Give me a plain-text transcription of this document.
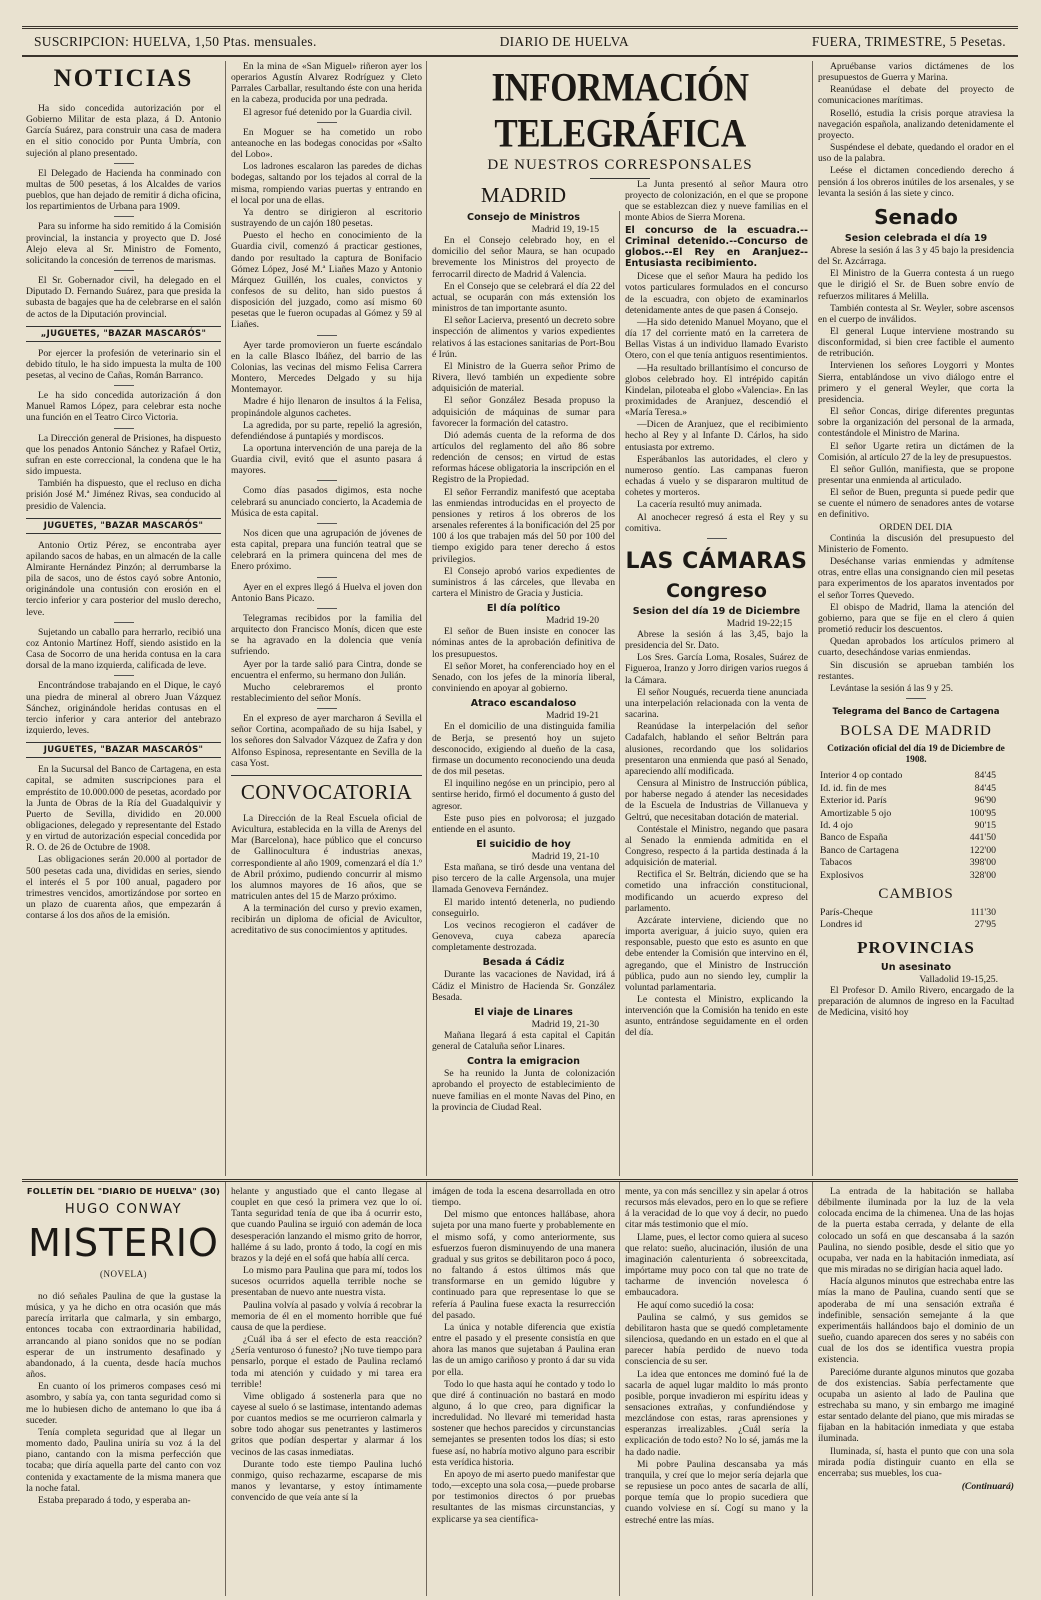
SUSCRIPCION: HUELVA, 1,50 Ptas. mensuales.	DIARIO DE HUELVA	FUERA, TRIMESTRE, 5 Pesetas.
NOTICIAS

Ha sido concedida autorización por el Gobierno Militar de esta plaza, á D. Antonio García Suárez, para construir una casa de madera en el sitio conocido por Punta Umbría, con sujeción al plano presentado.

El Delegado de Hacienda ha conminado con multas de 500 pesetas, á los Alcaldes de varios pueblos, que han dejado de remitir á dicha oficina, los repartimientos de Urbana para 1909.

Para su informe ha sido remitido á la Comisión provincial, la instancia y proyecto que D. José Alejo eleva al Sr. Ministro de Fomento, solicitando la concesión de terrenos de marismas.

El Sr. Gobernador civil, ha delegado en el Diputado D. Fernando Suárez, para que presida la subasta de bagajes que ha de celebrarse en el salón de actos de la Diputación provincial.

„JUGUETES, "BAZAR MASCARÓS"

Por ejercer la profesión de veterinario sin el debido título, le ha sido impuesta la multa de 100 pesetas, al vecino de Cañas, Román Barranco.

Le ha sido concedida autorización á don Manuel Ramos López, para celebrar esta noche una función en el Teatro Circo Victoria.

La Dirección general de Prisiones, ha dispuesto que los penados Antonio Sánchez y Rafael Ortiz, sufran en este correccional, la condena que le ha sido impuesta.

También ha dispuesto, que el recluso en dicha prisión José M.ª Jiménez Rivas, sea conducido al presidio de Valencia.

JUGUETES, "BAZAR MASCARÓS"

Antonio Ortiz Pérez, se encontraba ayer apilando sacos de habas, en un almacén de la calle Almirante Hernández Pinzón; al derrumbarse la pila de sacos, uno de éstos cayó sobre Antonio, originándole una contusión con erosión en el tercio inferior y cara posterior del muslo derecho, leve.

Sujetando un caballo para herrarlo, recibió una coz Antonio Martínez Hoff, siendo asistido en la Casa de Socorro de una herida contusa en la cara dorsal de la mano izquierda, calificada de leve.

Encontrándose trabajando en el Dique, le cayó una piedra de mineral al obrero Juan Vázquez Sánchez, originándole heridas contusas en el tercio inferior y cara anterior del antebrazo izquierdo, leves.

JUGUETES, "BAZAR MASCARÓS"

En la Sucursal del Banco de Cartagena, en esta capital, se admiten suscripciones para el empréstito de 10.000.000 de pesetas, acordado por la Junta de Obras de la Ría del Guadalquivir y Puerto de Sevilla, dividido en 20.000 obligaciones, delegado y representante del Estado y en virtud de autorización especial concedida por R. O. de 26 de Octubre de 1908.

Las obligaciones serán 20.000 al portador de 500 pesetas cada una, divididas en series, siendo el interés el 5 por 100 anual, pagadero por trimestres vencidos, amortizándose por sorteo en un plazo de cuarenta años, que empezarán á contarse á los dos años de la emisión.

En la mina de «San Miguel» riñeron ayer los operarios Agustín Alvarez Rodríguez y Cleto Parrales Carballar, resultando éste con una herida en la cabeza, producida por una pedrada.

El agresor fué detenido por la Guardia civil.

En Moguer se ha cometido un robo anteanoche en las bodegas conocidas por «Salto del Lobo».

Los ladrones escalaron las paredes de dichas bodegas, saltando por los tejados al corral de la misma, rompiendo varias puertas y entrando en el local por una de ellas.

Ya dentro se dirigieron al escritorio sustrayendo de un cajón 180 pesetas.

Puesto el hecho en conocimiento de la Guardia civil, comenzó á practicar gestiones, dando por resultado la captura de Bonifacio Gómez López, José M.ª Liañes Mazo y Antonio Márquez Guillén, los cuales, convictos y confesos de su delito, han sido puestos á disposición del juzgado, como así mismo 60 pesetas que le fueron ocupadas al Gómez y 59 al Liañes.

Ayer tarde promovieron un fuerte escándalo en la calle Blasco Ibáñez, del barrio de las Colonias, las vecinas del mismo Felisa Carrera Montero, Mercedes Delgado y su hija Montemayor.

Madre é hijo llenaron de insultos á la Felisa, propinándole algunos cachetes.

La agredida, por su parte, repelió la agresión, defendiéndose á puntapiés y mordiscos.

La oportuna intervención de una pareja de la Guardia civil, evitó que el asunto pasara á mayores.

Como días pasados digimos, esta noche celebrará su anunciado concierto, la Academia de Música de esta capital.

Nos dicen que una agrupación de jóvenes de esta capital, prepara una función teatral que se celebrará en la primera quincena del mes de Enero próximo.

Ayer en el expres llegó á Huelva el joven don Antonio Bans Picazo.

Telegramas recibidos por la familia del arquitecto don Francisco Monís, dicen que este se ha agravado en la dolencia que venía sufriendo.

Ayer por la tarde salió para Cintra, donde se encuentra el enfermo, su hermano don Julián.

Mucho celebraremos el pronto restablecimiento del señor Monís.

En el expreso de ayer marcharon á Sevilla el señor Cortina, acompañado de su hija Isabel, y los señores don Salvador Vázquez de Zafra y don Alfonso Espinosa, representante en Sevilla de la casa Yost.

CONVOCATORIA

La Dirección de la Real Escuela oficial de Avicultura, establecida en la villa de Arenys del Mar (Barcelona), hace público que el concurso de Gallinocultura é industrias anexas, correspondiente al año 1909, comenzará el día 1.º de Abril próximo, pudiendo concurrir al mismo los alumnos mayores de 16 años, que se matriculen antes del 15 de Marzo próximo.

A la terminación del curso y previo examen, recibirán un diploma de oficial de Avicultor, acreditativo de sus conocimientos y aptitudes.

INFORMACIÓN TELEGRÁFICA
DE NUESTROS CORRESPONSALES
MADRID
Consejo de Ministros
Madrid 19, 19-15

En el Consejo celebrado hoy, en el domicilio del señor Maura, se han ocupado brevemente los Ministros del proyecto de ferrocarril directo de Madrid á Valencia.

En el Consejo que se celebrará el día 22 del actual, se ocuparán con más extensión los ministros de tan importante asunto.

El señor Lacierva, presentó un decreto sobre inspección de alimentos y varios expedientes relativos á las estaciones sanitarias de Port-Bou é Irún.

El Ministro de la Guerra señor Primo de Rivera, llevó también un expediente sobre adquisición de material.

El señor González Besada propuso la adquisición de máquinas de sumar para favorecer la formación del catastro.

Dió además cuenta de la reforma de dos artículos del reglamento del año 86 sobre redención de censos; en virtud de estas reformas hácese obligatoria la inscripción en el Registro de la Propiedad.

El señor Ferrandiz manifestó que aceptaba las enmiendas introducidas en el proyecto de pensiones y retiros á los obreros de los arsenales referentes á la bonificación del 25 por 100 á los que trabajen más del 50 por 100 del tiempo exigido para tener derecho á estos privilegios.

El Consejo aprobó varios expedientes de suministros á las cárceles, que llevaba en cartera el Ministro de Gracia y Justicia.

El día político
Madrid 19-20

El señor de Buen insiste en conocer las nóminas antes de la aprobación definitiva de los presupuestos.

El señor Moret, ha conferenciado hoy en el Senado, con los jefes de la minoría liberal, conviniendo en apoyar al gobierno.

Atraco escandaloso
Madrid 19-21

En el domicilio de una distinguida familia de Berja, se presentó hoy un sujeto desconocido, exigiendo al dueño de la casa, firmase un documento reconociendo una deuda de dos mil pesetas.

El inquilino negóse en un principio, pero al sentirse herido, firmó el documento á gusto del agresor.

Este puso pies en polvorosa; el juzgado entiende en el asunto.

El suicidio de hoy
Madrid 19, 21-10

Esta mañana, se tiró desde una ventana del piso tercero de la calle Argensola, una mujer llamada Genoveva Fernández.

El marido intentó detenerla, no pudiendo conseguirlo.

Los vecinos recogieron el cadáver de Genoveva, cuya cabeza aparecía completamente destrozada.

Besada á Cádiz

Durante las vacaciones de Navidad, irá á Cádiz el Ministro de Hacienda Sr. González Besada.

El viaje de Linares
Madrid 19, 21-30

Mañana llegará á esta capital el Capitán general de Cataluña señor Linares.

Contra la emigracion

Se ha reunido la Junta de colonización aprobando el proyecto de establecimiento de nueve familias en el monte Navas del Pino, en la provincia de Ciudad Real.

La Junta presentó al señor Maura otro proyecto de colonización, en el que se propone que se establezcan diez y nueve familias en el monte Abios de Sierra Morena.

El concurso de la escuadra.--Criminal detenido.--Concurso de globos.--El Rey en Aranjuez--Entusiasta recibimiento.

Dicese que el señor Maura ha pedido los votos particulares formulados en el concurso de la escuadra, con objeto de examinarlos detenidamente antes de que pasen á Consejo.

—Ha sido detenido Manuel Moyano, que el día 17 del corriente mató en la carretera de Bellas Vistas á un individuo llamado Evaristo Otero, con el que tenía antiguos resentimientos.

—Ha resultado brillantísimo el concurso de globos celebrado hoy. El intrépido capitán Kindelan, piloteaba el globo «Valencia». En las proximidades de Aranjuez, descendió el «María Teresa.»

—Dicen de Aranjuez, que el recibimiento hecho al Rey y al Infante D. Cárlos, ha sido entusiasta por extremo.

Esperábanlos las autoridades, el clero y numeroso gentío. Las campanas fueron echadas á vuelo y se dispararon multitud de cohetes y morteros.

La cacería resultó muy animada.

Al anochecer regresó á esta el Rey y su comitiva.

LAS CÁMARAS
Congreso
Sesion del día 19 de Diciembre
Madrid 19-22;15

Abrese la sesión á las 3,45, bajo la presidencia del Sr. Dato.

Los Sres. García Loma, Rosales, Suárez de Figueroa, Iranzo y Jorro dirigen varios ruegos á la Cámara.

El señor Nougués, recuerda tiene anunciada una interpelación relacionada con la venta de sacarina.

Reanúdase la interpelación del señor Cadafalch, hablando el señor Beltrán para alusiones, recordando que los solidarios presentaron una enmienda que pasó al Senado, apareciendo allí modificada.

Censura al Ministro de Instrucción pública, por haberse negado á atender las necesidades de la Escuela de Industrias de Villanueva y Geltrú, que necesitaban dotación de material.

Contéstale el Ministro, negando que pasara al Senado la enmienda admitida en el Congreso, respecto á la partida destinada á la adquisición de material.

Rectifica el Sr. Beltrán, diciendo que se ha cometido una infracción constitucional, modificando un acuerdo expreso del parlamento.

Azcárate interviene, diciendo que no importa averiguar, á juicio suyo, quien era responsable, puesto que esto es asunto en que debe entender la Comisión que intervino en él, agregando, que el Ministro de Instrucción pública, pudo aun no siendo ley, cumplir la voluntad parlamentaria.

Le contesta el Ministro, explicando la intervención que la Comisión ha tenido en este asunto, entrándose seguidamente en el orden del día.

Apruébanse varios dictámenes de los presupuestos de Guerra y Marina.

Reanúdase el debate del proyecto de comunicaciones marítimas.

Roselló, estudia la crisis porque atraviesa la navegación española, analizando detenidamente el proyecto.

Suspéndese el debate, quedando el orador en el uso de la palabra.

Leése el dictamen concediendo derecho á pensión á los obreros inútiles de los arsenales, y se levanta la sesión á las siete y cinco.

Senado
Sesion celebrada el día 19

Abrese la sesión á las 3 y 45 bajo la presidencia del Sr. Azcárraga.

El Ministro de la Guerra contesta á un ruego que le dirigió el Sr. de Buen sobre envío de refuerzos militares á Melilla.

También contesta al Sr. Weyler, sobre ascensos en el cuerpo de inválidos.

El general Luque interviene mostrando su disconformidad, si bien cree factible el aumento de retribución.

Intervienen los señores Loygorri y Montes Sierra, entablándose un vivo diálogo entre el primero y el general Weyler, que corta la presidencia.

El señor Concas, dirige diferentes preguntas sobre la organización del personal de la armada, contestándole el Ministro de Marina.

El señor Ugarte retira un dictámen de la Comisión, al artículo 27 de la ley de presupuestos.

El señor Gullón, manifiesta, que se propone presentar una enmienda al articulado.

El señor de Buen, pregunta si puede pedir que se cuente el número de senadores antes de votarse en definitivo.

ORDEN DEL DIA

Continúa la discusión del presupuesto del Ministerio de Fomento.

Deséchanse varias enmiendas y admítense otras, entre ellas una consignando cien mil pesetas para experimentos de los aparatos inventados por el señor Torres Quevedo.

El obispo de Madrid, llama la atención del gobierno, para que se fije en el clero á quien prometió reducir los descuentos.

Quedan aprobados los artículos primero al cuarto, desechándose varias enmiendas.

Sin discusión se aprueban también los restantes.

Levántase la sesión á las 9 y 25.

Telegrama del Banco de Cartagena
BOLSA DE MADRID
Cotización oficial del día 19 de Diciembre de 1908.
Interior 4 op contado	84'45
Id. id. fin de mes	84'45
Exterior id. París	96'90
Amortizable 5 ojo	100'95
Id. 4 ojo	90'15
Banco de España	441'50
Banco de Cartagena	122'00
Tabacos	398'00
Explosivos	328'00
CAMBIOS
París-Cheque	111'30
Londres id	27'95
PROVINCIAS
Un asesinato
Valladolid 19-15,25.

El Profesor D. Amilo Rivero, encargado de la preparación de alumnos de ingreso en la Facultad de Medicina, visitó hoy

FOLLETÍN DEL "DIARIO DE HUELVA" (30)
HUGO CONWAY
MISTERIO
(NOVELA)

no dió señales Paulina de que la gustase la música, y ya he dicho en otra ocasión que más parecía irritarla que calmarla, y sin embargo, entonces tocaba con extraordinaria habilidad, arrancando al piano sonidos que no se podían esperar de un instrumento desafinado y abandonado, á la cuenta, desde hacía muchos años.

En cuanto oí los primeros compases cesó mi asombro, y sabía ya, con tanta seguridad como si me lo hubiesen dicho de antemano lo que iba á suceder.

Tenía completa seguridad que al llegar un momento dado, Paulina uniría su voz á la del piano, cantando con la misma perfección que tocaba; que diría aquella parte del canto con voz contenida y exactamente de la misma manera que la noche fatal.

Estaba preparado á todo, y esperaba an-

helante y angustiado que el canto llegase al couplet en que cesó la primera vez que lo oí. Tanta seguridad tenía de que iba á ocurrir esto, que cuando Paulina se irguió con ademán de loca desesperación lanzando el mismo grito de horror, halléme á su lado, pronto á todo, la cogí en mis brazos y la dejé en el sofá que había allí cerca.

Lo mismo para Paulina que para mí, todos los sucesos ocurridos aquella terrible noche se presentaban de nuevo ante nuestra vista.

Paulina volvía al pasado y volvía á recobrar la memoria de él en el momento horrible que fué causa de que la perdiese.

¿Cuál iba á ser el efecto de esta reacción? ¿Sería venturoso ó funesto? ¡No tuve tiempo para pensarlo, porque el estado de Paulina reclamó toda mi atención y cuidado y mi tarea era terrible!

Vime obligado á sostenerla para que no cayese al suelo ó se lastimase, intentando ademas por cuantos medios se me ocurrieron calmarla y sobre todo ahogar sus penetrantes y lastimeros gritos que podían despertar y alarmar á los vecinos de las casas inmediatas.

Durante todo este tiempo Paulina luchó conmigo, quiso rechazarme, escaparse de mis manos y levantarse, y estoy íntimamente convencido de que veía ante sí la

imágen de toda la escena desarrollada en otro tiempo.

Del mismo que entonces hallábase, ahora sujeta por una mano fuerte y probablemente en el mismo sofá, y como anteriormente, sus esfuerzos fueron disminuyendo de una manera gradual y sus gritos se debilitaron poco á poco, no faltando á estos últimos más que transformarse en un gemido lúgubre y continuado para que representase lo que se refería á Paulina fuese exacta la resurrección del pasado.

La única y notable diferencia que existía entre el pasado y el presente consistía en que ahora las manos que sujetaban á Paulina eran las de un amigo cariñoso y pronto á dar su vida por ella.

Todo lo que hasta aquí he contado y todo lo que diré á continuación no bastará en modo alguno, á lo que creo, para dignificar la incredulidad. No llevaré mi temeridad hasta sostener que hechos parecidos y circunstancias semejantes se presenten todos los días; si esto fuese así, no habría motivo alguno para escribir esta verídica historia.

En apoyo de mi aserto puedo manifestar que todo,—excepto una sola cosa,—puede probarse por testimonios directos ó por pruebas resultantes de las mismas circunstancias, y explicarse ya sea científica-

mente, ya con más sencillez y sin apelar á otros recursos más elevados, pero en lo que se refiere á la veracidad de lo que voy á decir, no puedo citar más testimonio que el mío.

Llame, pues, el lector como quiera al suceso que relato: sueño, alucinación, ilusión de una imaginación calenturienta ó sobreexcitada, impórtame muy poco con tal que no trate de tacharme de invención novelesca ó embaucadora.

He aquí como sucedió la cosa:

Paulina se calmó, y sus gemidos se debilitaron hasta que se quedó completamente silenciosa, quedando en un estado en el que al parecer había perdido de nuevo toda consciencia de su ser.

La idea que entonces me dominó fué la de sacarla de aquel lugar maldito lo más pronto posible, porque invadieron mi espíritu ideas y sensaciones extrañas, y confundiéndose y mezclándose con estas, raras aprensiones y esperanzas irrealizables. ¿Cuál sería la explicación de todo esto? No lo sé, jamás me la ha dado nadie.

Mi pobre Paulina descansaba ya más tranquila, y creí que lo mejor sería dejarla que se repusiese un poco antes de sacarla de allí, porque temía que lo propio sucediera que cuando volviese en sí. Cogí su mano y la estreché entre las mías.

La entrada de la habitación se hallaba débilmente iluminada por la luz de la vela colocada encima de la chimenea. Una de las hojas de la puerta estaba cerrada, y delante de ella colocado un sofá en que descansaba á la sazón Paulina, no siendo posible, desde el sitio que yo ocupaba, ver nada en la habitación inmediata, así que mis miradas no se dirigían hacia aquel lado.

Hacía algunos minutos que estrechaba entre las mías la mano de Paulina, cuando sentí que se apoderaba de mí una sensación extraña é indefinible, sensación semejante á la que experimentáis hallándoos bajo el dominio de un sueño, cuando aparecen dos seres y no sabéis con cual de los dos se identifica vuestra propia existencia.

Parecióme durante algunos minutos que gozaba de dos existencias. Sabía perfectamente que ocupaba un asiento al lado de Paulina que estrechaba su mano, y sin embargo me imaginé estar sentado delante del piano, que mis miradas se fijaban en la habitación inmediata y que estaba iluminada.

Iluminada, sí, hasta el punto que con una sola mirada podía distinguir cuanto en ella se encerraba; sus muebles, los cua-

(Continuará)
